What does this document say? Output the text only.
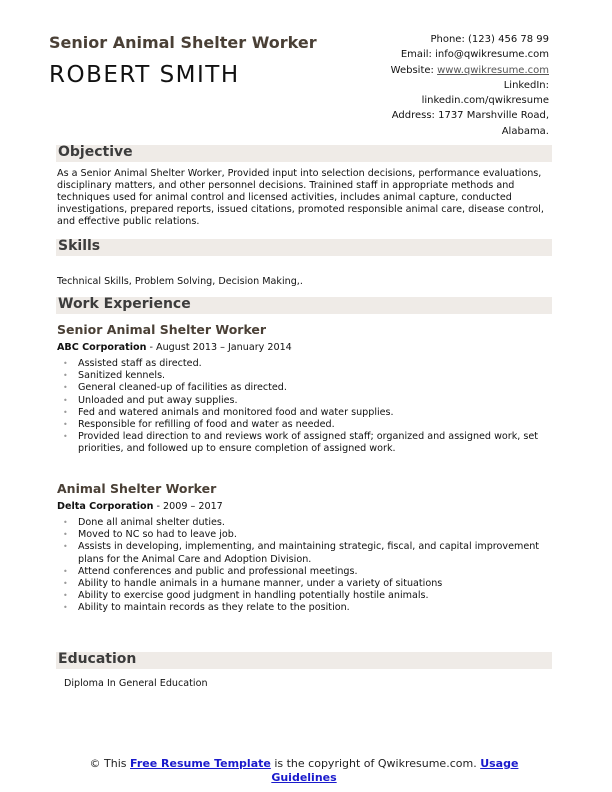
Senior Animal Shelter Worker
ROBERT SMITH
Phone: (123) 456 78 99
Email: info@qwikresume.com
Website: www.qwikresume.com
LinkedIn:
linkedin.com/qwikresume
Address: 1737 Marshville Road,
Alabama.
Objective
As a Senior Animal Shelter Worker, Provided input into selection decisions, performance evaluations, disciplinary matters, and other personnel decisions. Trainined staff in appropriate methods and techniques used for animal control and licensed activities, includes animal capture, conducted investigations, prepared reports, issued citations, promoted responsible animal care, disease control, and effective public relations.
Skills
Technical Skills, Problem Solving, Decision Making,.
Work Experience
Senior Animal Shelter Worker
ABC Corporation - August 2013 – January 2014
• Assisted staff as directed.
• Sanitized kennels.
• General cleaned-up of facilities as directed.
• Unloaded and put away supplies.
• Fed and watered animals and monitored food and water supplies.
• Responsible for refilling of food and water as needed.
• Provided lead direction to and reviews work of assigned staff; organized and assigned work, set priorities, and followed up to ensure completion of assigned work.
Animal Shelter Worker
Delta Corporation - 2009 – 2017
• Done all animal shelter duties.
• Moved to NC so had to leave job.
• Assists in developing, implementing, and maintaining strategic, fiscal, and capital improvement plans for the Animal Care and Adoption Division.
• Attend conferences and public and professional meetings.
• Ability to handle animals in a humane manner, under a variety of situations
• Ability to exercise good judgment in handling potentially hostile animals.
• Ability to maintain records as they relate to the position.
Education
Diploma In General Education
© This Free Resume Template is the copyright of Qwikresume.com. Usage Guidelines
